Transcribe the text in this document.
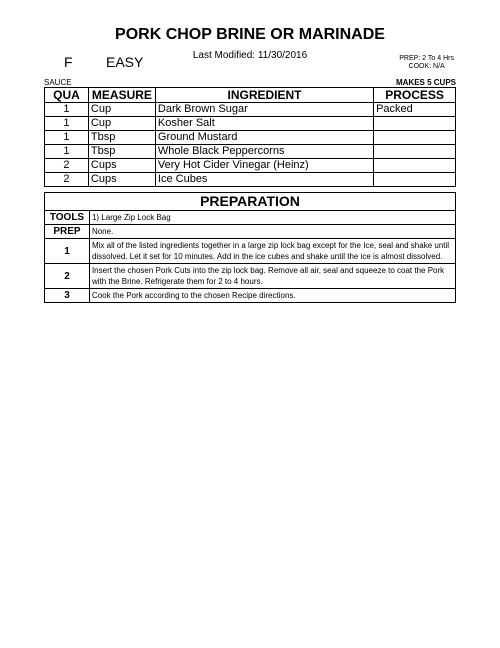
PORK CHOP BRINE OR MARINADE
Last Modified: 11/30/2016
F EASY	PREP: 2 To 4 Hrs
COOK: N/A
SAUCE	MAKES 5 CUPS
QUA	MEASURE	INGREDIENT	PROCESS
1	Cup	Dark Brown Sugar	Packed
1	Cup	Kosher Salt	
1	Tbsp	Ground Mustard	
1	Tbsp	Whole Black Peppercorns	
2	Cups	Very Hot Cider Vinegar (Heinz)	
2	Cups	Ice Cubes	
PREPARATION	
TOOLS	1) Large Zip Lock Bag
PREP	None.
1	Mix all of the listed ingredients together in a large zip lock bag except for the Ice, seal and shake until dissolved. Let it set for 10 minutes. Add in the ice cubes and shake until the ice is almost dissolved.
2	Insert the chosen Pork Cuts into the zip lock bag. Remove all air, seal and squeeze to coat the Pork with the Brine. Refrigerate them for 2 to 4 hours.
3	Cook the Pork according to the chosen Recipe directions.
